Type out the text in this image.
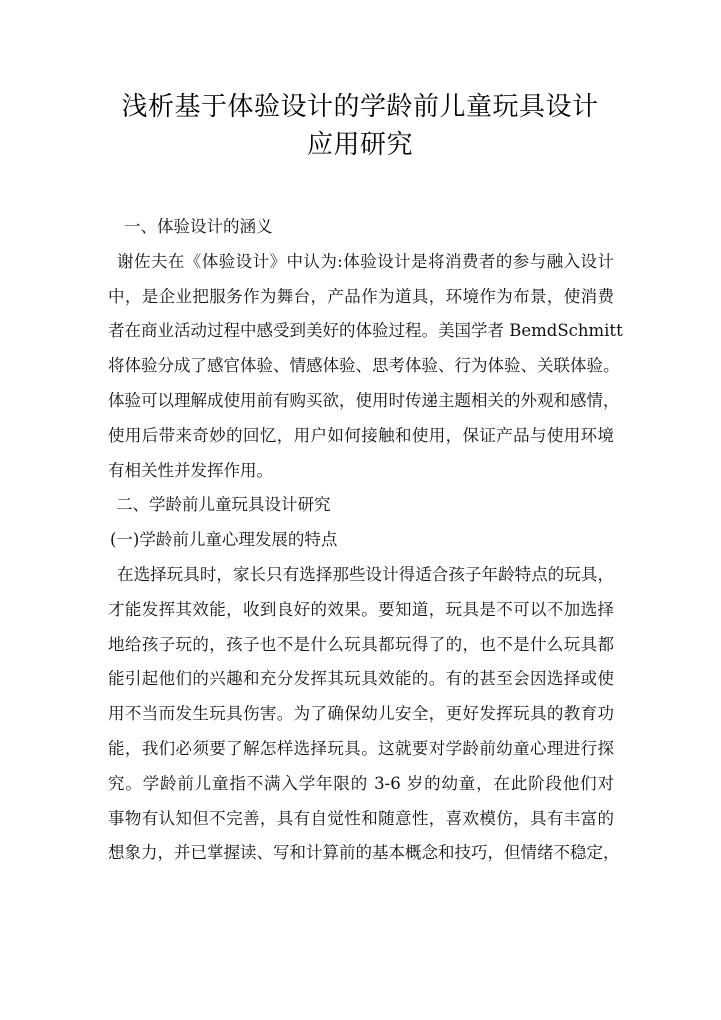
浅析基于体验设计的学龄前儿童玩具设计
应用研究
一、体验设计的涵义
谢佐夫在《体验设计》中认为:体验设计是将消费者的参与融入设计
中，是企业把服务作为舞台，产品作为道具，环境作为布景，使消费
者在商业活动过程中感受到美好的体验过程。美国学者 BemdSchmitt
将体验分成了感官体验、情感体验、思考体验、行为体验、关联体验。
体验可以理解成使用前有购买欲，使用时传递主题相关的外观和感情，
使用后带来奇妙的回忆，用户如何接触和使用，保证产品与使用环境
有相关性并发挥作用。
二、学龄前儿童玩具设计研究
(一)学龄前儿童心理发展的特点
在选择玩具时，家长只有选择那些设计得适合孩子年龄特点的玩具，
才能发挥其效能，收到良好的效果。要知道，玩具是不可以不加选择
地给孩子玩的，孩子也不是什么玩具都玩得了的，也不是什么玩具都
能引起他们的兴趣和充分发挥其玩具效能的。有的甚至会因选择或使
用不当而发生玩具伤害。为了确保幼儿安全，更好发挥玩具的教育功
能，我们必须要了解怎样选择玩具。这就要对学龄前幼童心理进行探
究。学龄前儿童指不满入学年限的 3-6 岁的幼童，在此阶段他们对
事物有认知但不完善，具有自觉性和随意性，喜欢模仿，具有丰富的
想象力，并已掌握读、写和计算前的基本概念和技巧，但情绪不稳定，
